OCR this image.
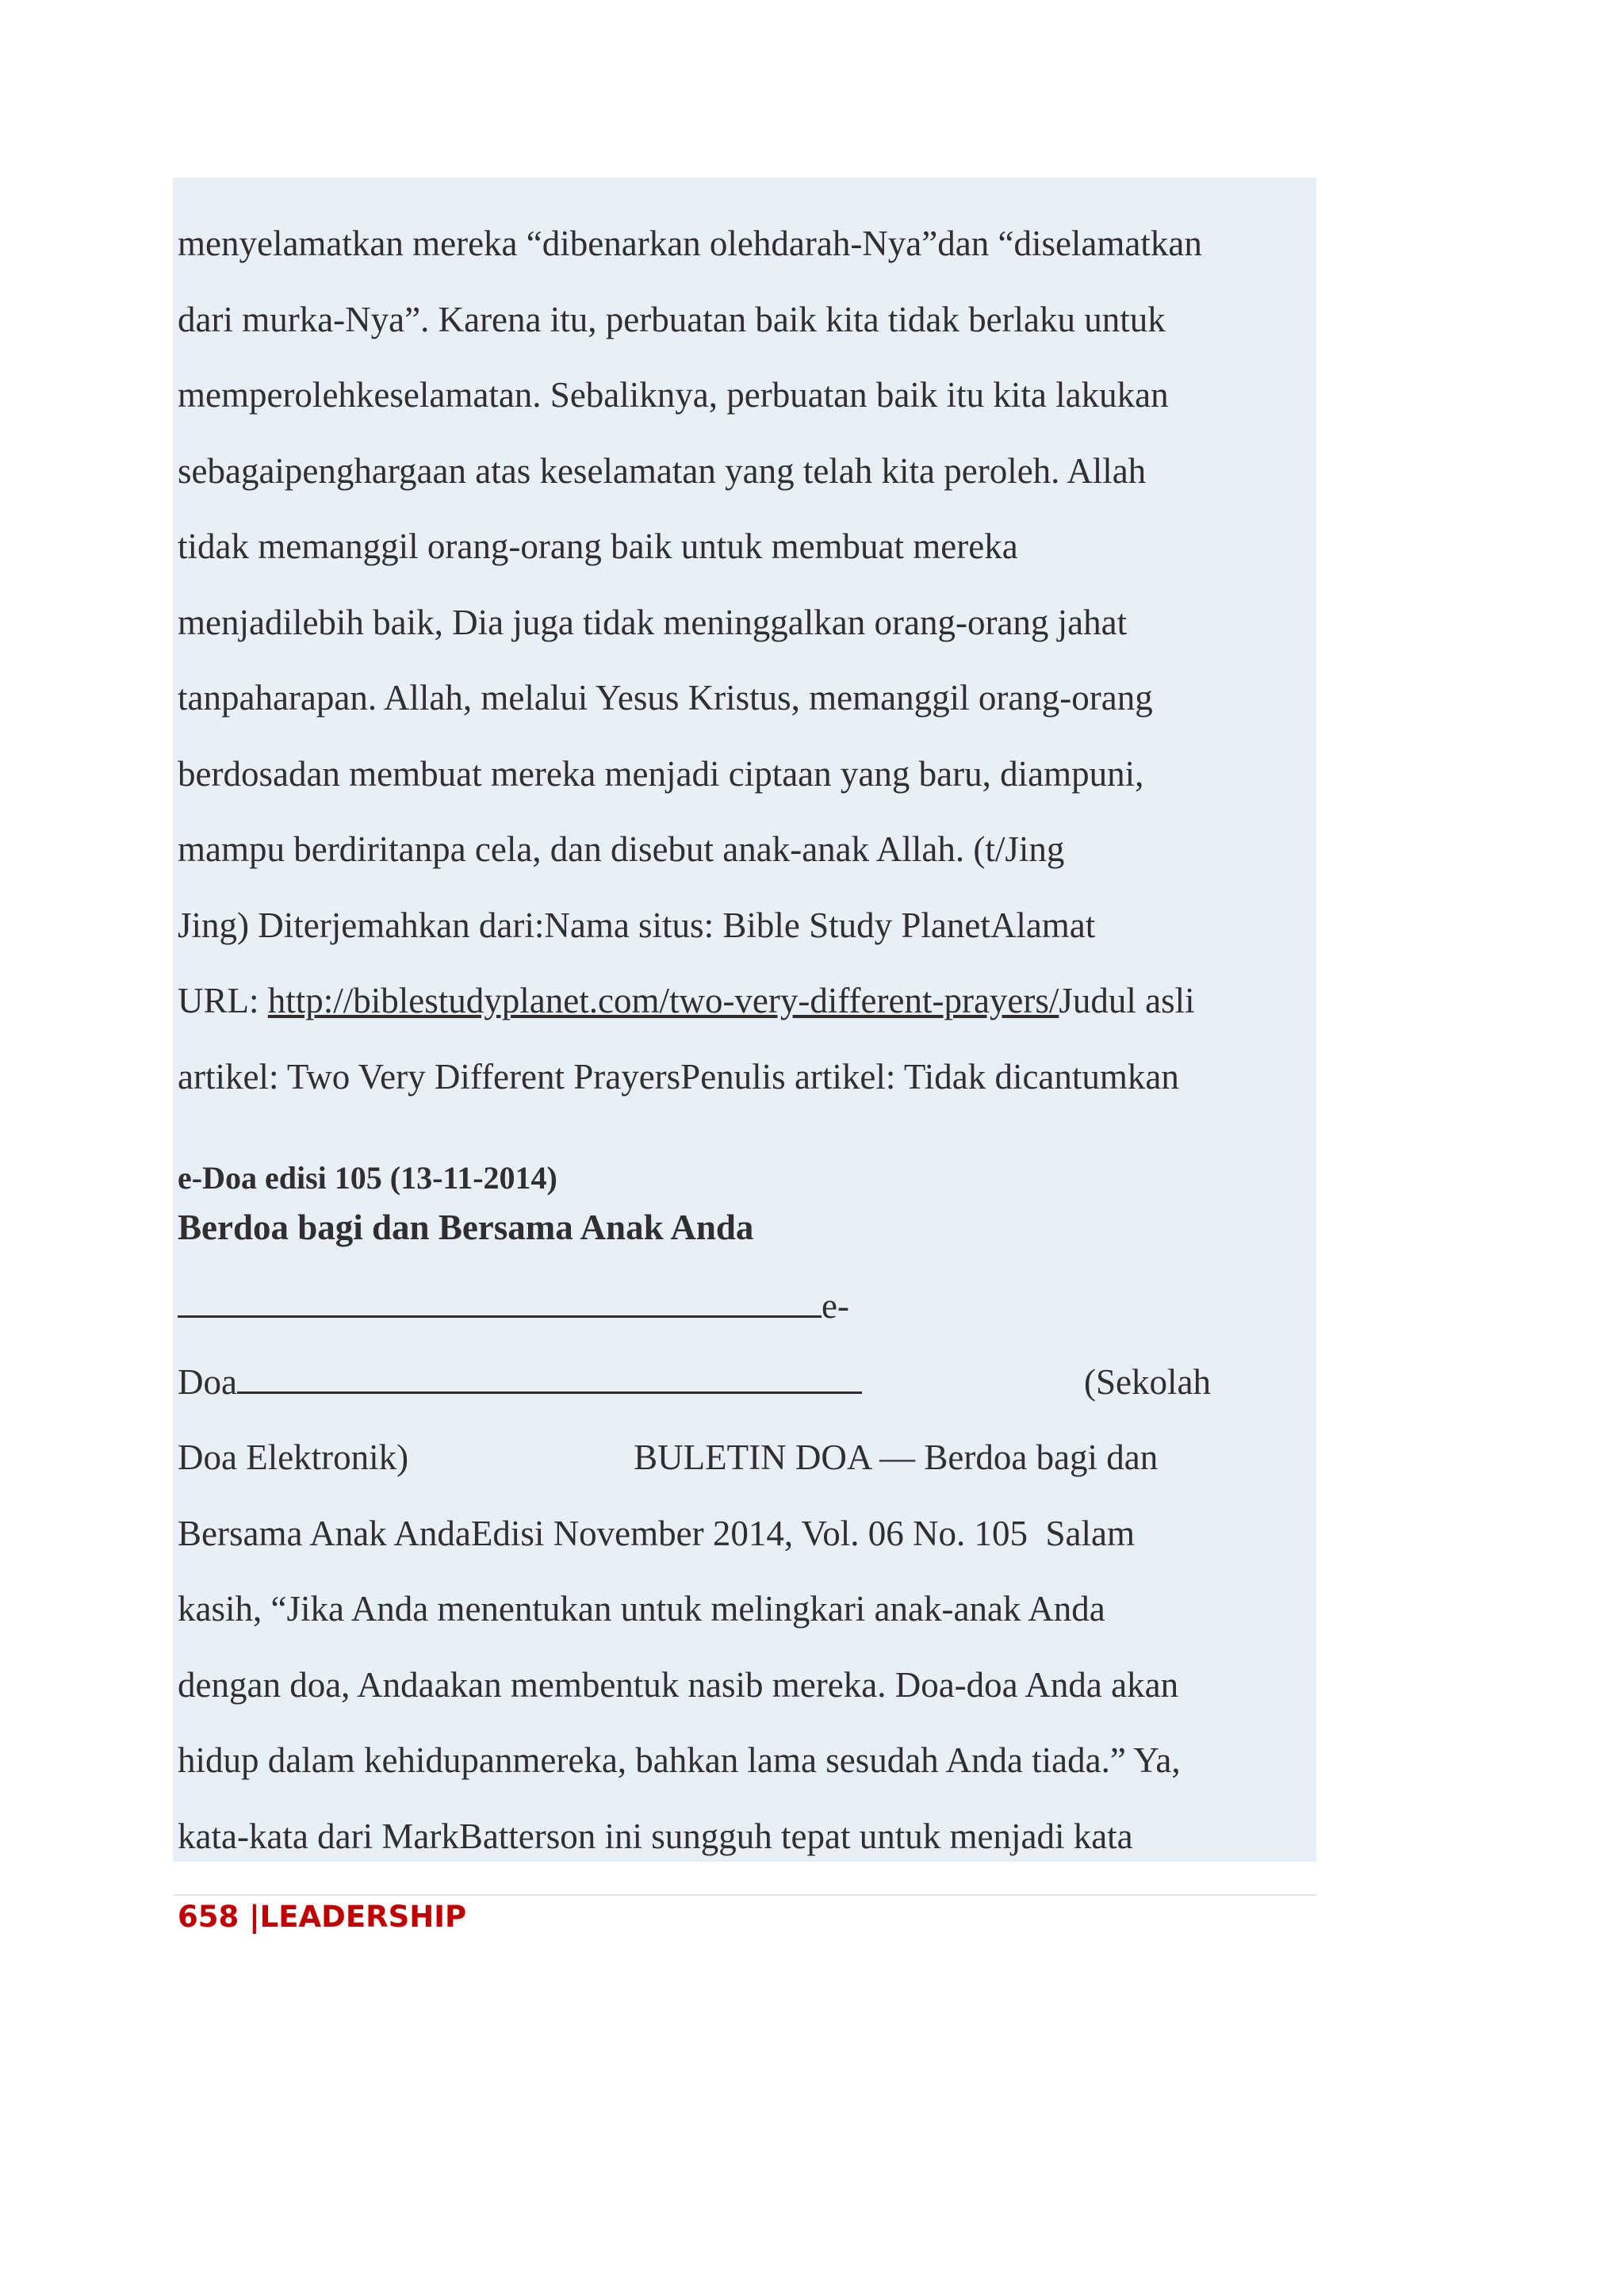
menyelamatkan mereka “dibenarkan olehdarah-Nya”dan “diselamatkan
dari murka-Nya”. Karena itu, perbuatan baik kita tidak berlaku untuk
memperolehkeselamatan. Sebaliknya, perbuatan baik itu kita lakukan
sebagaipenghargaan atas keselamatan yang telah kita peroleh. Allah
tidak memanggil orang-orang baik untuk membuat mereka
menjadilebih baik, Dia juga tidak meninggalkan orang-orang jahat
tanpaharapan. Allah, melalui Yesus Kristus, memanggil orang-orang
berdosadan membuat mereka menjadi ciptaan yang baru, diampuni,
mampu berdiritanpa cela, dan disebut anak-anak Allah. (t/Jing
Jing) Diterjemahkan dari:Nama situs: Bible Study PlanetAlamat
URL: http://biblestudyplanet.com/two-very-different-prayers/Judul asli
artikel: Two Very Different PrayersPenulis artikel: Tidak dicantumkan

e-Doa edisi 105 (13-11-2014)

Berdoa bagi dan Bersama Anak Anda

e-
Doa	(Sekolah
Doa Elektronik)	BULETIN DOA — Berdoa bagi dan
Bersama Anak AndaEdisi November 2014, Vol. 06 No. 105  Salam
kasih, “Jika Anda menentukan untuk melingkari anak-anak Anda
dengan doa, Andaakan membentuk nasib mereka. Doa-doa Anda akan
hidup dalam kehidupanmereka, bahkan lama sesudah Anda tiada.” Ya,
kata-kata dari MarkBatterson ini sungguh tepat untuk menjadi kata

658 |LEADERSHIP
